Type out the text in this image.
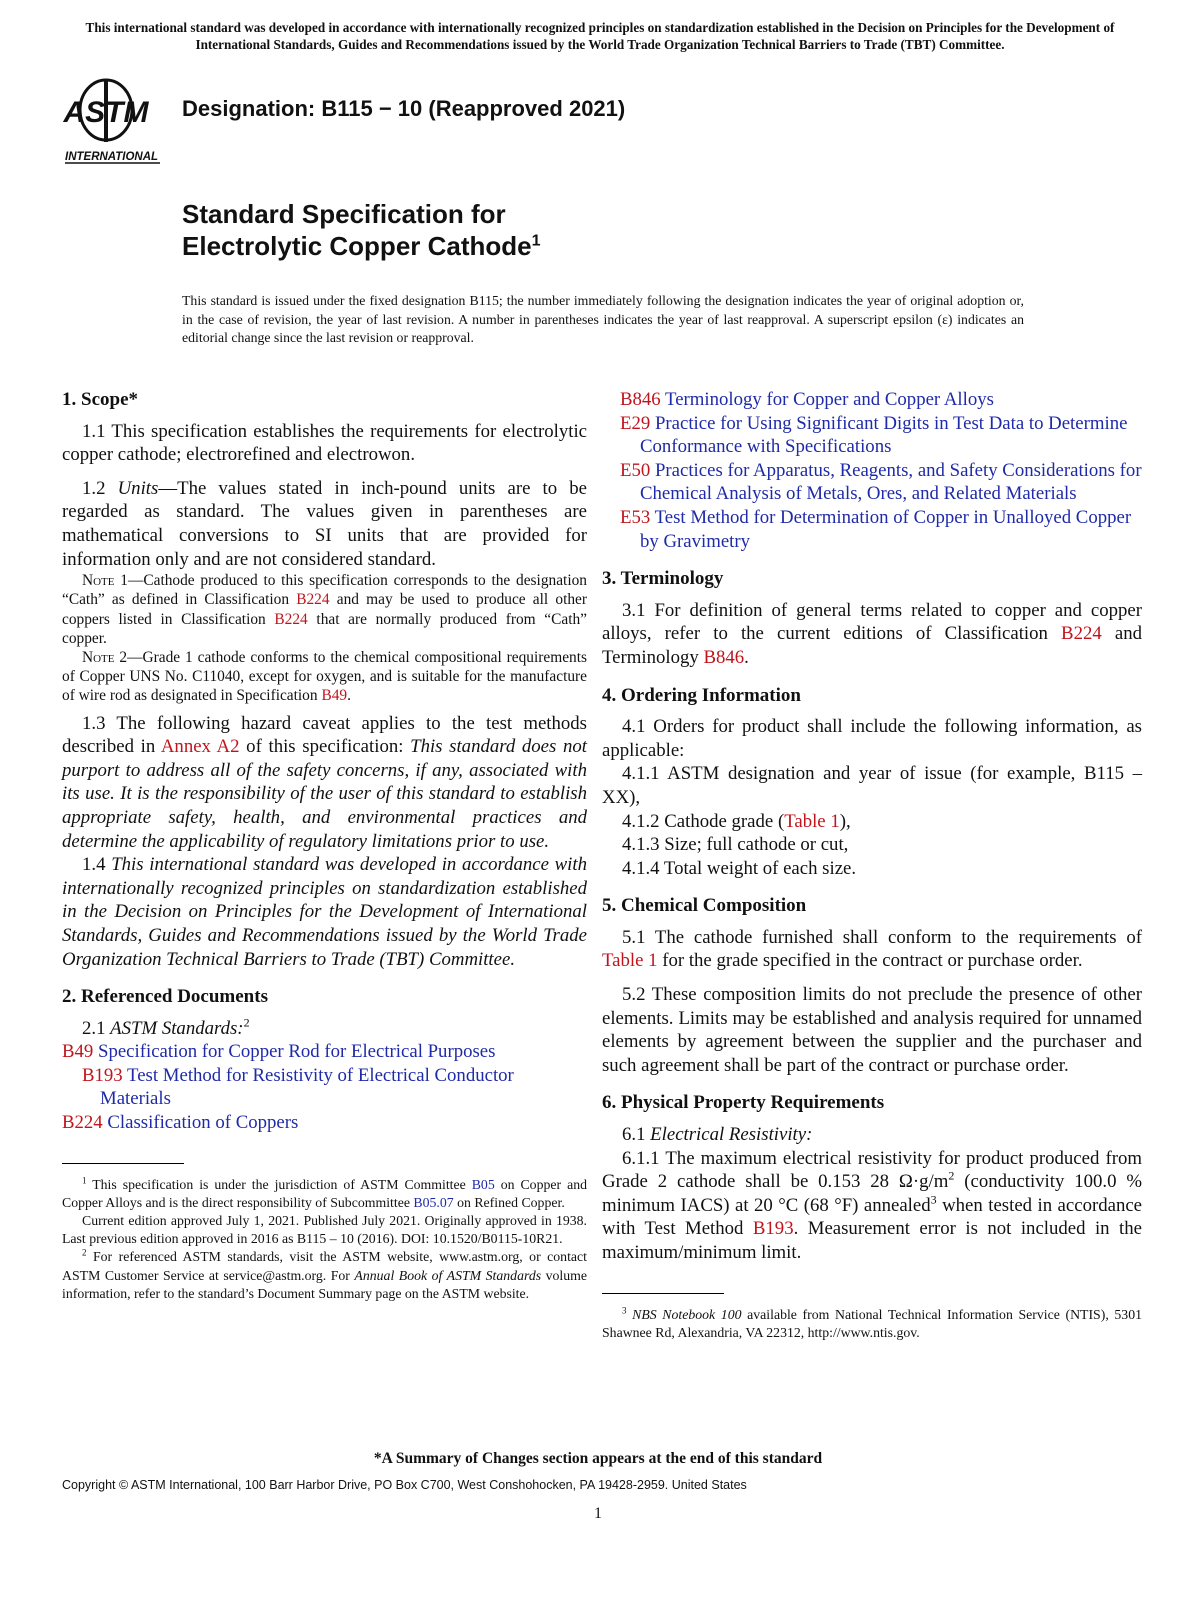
This international standard was developed in accordance with internationally recognized principles on standardization established in the Decision on Principles for the Development of International Standards, Guides and Recommendations issued by the World Trade Organization Technical Barriers to Trade (TBT) Committee.
ASTM
INTERNATIONAL
Designation: B115 − 10 (Reapproved 2021)
Standard Specification for
Electrolytic Copper Cathode$^1$
This standard is issued under the fixed designation B115; the number immediately following the designation indicates the year of original adoption or, in the case of revision, the year of last revision. A number in parentheses indicates the year of last reapproval. A superscript epsilon (ε) indicates an editorial change since the last revision or reapproval.
1. Scope*

1.1 This specification establishes the requirements for electrolytic copper cathode; electrorefined and electrowon.

1.2 Units—The values stated in inch-pound units are to be regarded as standard. The values given in parentheses are mathematical conversions to SI units that are provided for information only and are not considered standard.

Note 1—Cathode produced to this specification corresponds to the designation “Cath” as defined in Classification B224 and may be used to produce all other coppers listed in Classification B224 that are normally produced from “Cath” copper.

Note 2—Grade 1 cathode conforms to the chemical compositional requirements of Copper UNS No. C11040, except for oxygen, and is suitable for the manufacture of wire rod as designated in Specification B49.

1.3 The following hazard caveat applies to the test methods described in Annex A2 of this specification: This standard does not purport to address all of the safety concerns, if any, associated with its use. It is the responsibility of the user of this standard to establish appropriate safety, health, and environmental practices and determine the applicability of regulatory limitations prior to use.

1.4 This international standard was developed in accordance with internationally recognized principles on standardization established in the Decision on Principles for the Development of International Standards, Guides and Recommendations issued by the World Trade Organization Technical Barriers to Trade (TBT) Committee.

2. Referenced Documents

2.1 ASTM Standards:$^2$

B49 Specification for Copper Rod for Electrical Purposes

B193 Test Method for Resistivity of Electrical Conductor Materials

B224 Classification of Coppers

$^1$ This specification is under the jurisdiction of ASTM Committee B05 on Copper and Copper Alloys and is the direct responsibility of Subcommittee B05.07 on Refined Copper.

Current edition approved July 1, 2021. Published July 2021. Originally approved in 1938. Last previous edition approved in 2016 as B115 – 10 (2016). DOI: 10.1520/B0115-10R21.

$^2$ For referenced ASTM standards, visit the ASTM website, www.astm.org, or contact ASTM Customer Service at service@astm.org. For Annual Book of ASTM Standards volume information, refer to the standard’s Document Summary page on the ASTM website.

B846 Terminology for Copper and Copper Alloys

E29 Practice for Using Significant Digits in Test Data to Determine Conformance with Specifications

E50 Practices for Apparatus, Reagents, and Safety Considerations for Chemical Analysis of Metals, Ores, and Related Materials

E53 Test Method for Determination of Copper in Unalloyed Copper by Gravimetry

3. Terminology

3.1 For definition of general terms related to copper and copper alloys, refer to the current editions of Classification B224 and Terminology B846.

4. Ordering Information

4.1 Orders for product shall include the following information, as applicable:

4.1.1 ASTM designation and year of issue (for example, B115 – XX),

4.1.2 Cathode grade (Table 1),

4.1.3 Size; full cathode or cut,

4.1.4 Total weight of each size.

5. Chemical Composition

5.1 The cathode furnished shall conform to the requirements of Table 1 for the grade specified in the contract or purchase order.

5.2 These composition limits do not preclude the presence of other elements. Limits may be established and analysis required for unnamed elements by agreement between the supplier and the purchaser and such agreement shall be part of the contract or purchase order.

6. Physical Property Requirements

6.1 Electrical Resistivity:

6.1.1 The maximum electrical resistivity for product produced from Grade 2 cathode shall be 0.153 28 $\Omega\cdot g/m^2$ (conductivity 100.0 % minimum IACS) at 20 °C (68 °F) annealed$^3$ when tested in accordance with Test Method B193. Measurement error is not included in the maximum/minimum limit.

$^3$ NBS Notebook 100 available from National Technical Information Service (NTIS), 5301 Shawnee Rd, Alexandria, VA 22312, http://www.ntis.gov.

*A Summary of Changes section appears at the end of this standard
Copyright © ASTM International, 100 Barr Harbor Drive, PO Box C700, West Conshohocken, PA 19428-2959. United States
1
